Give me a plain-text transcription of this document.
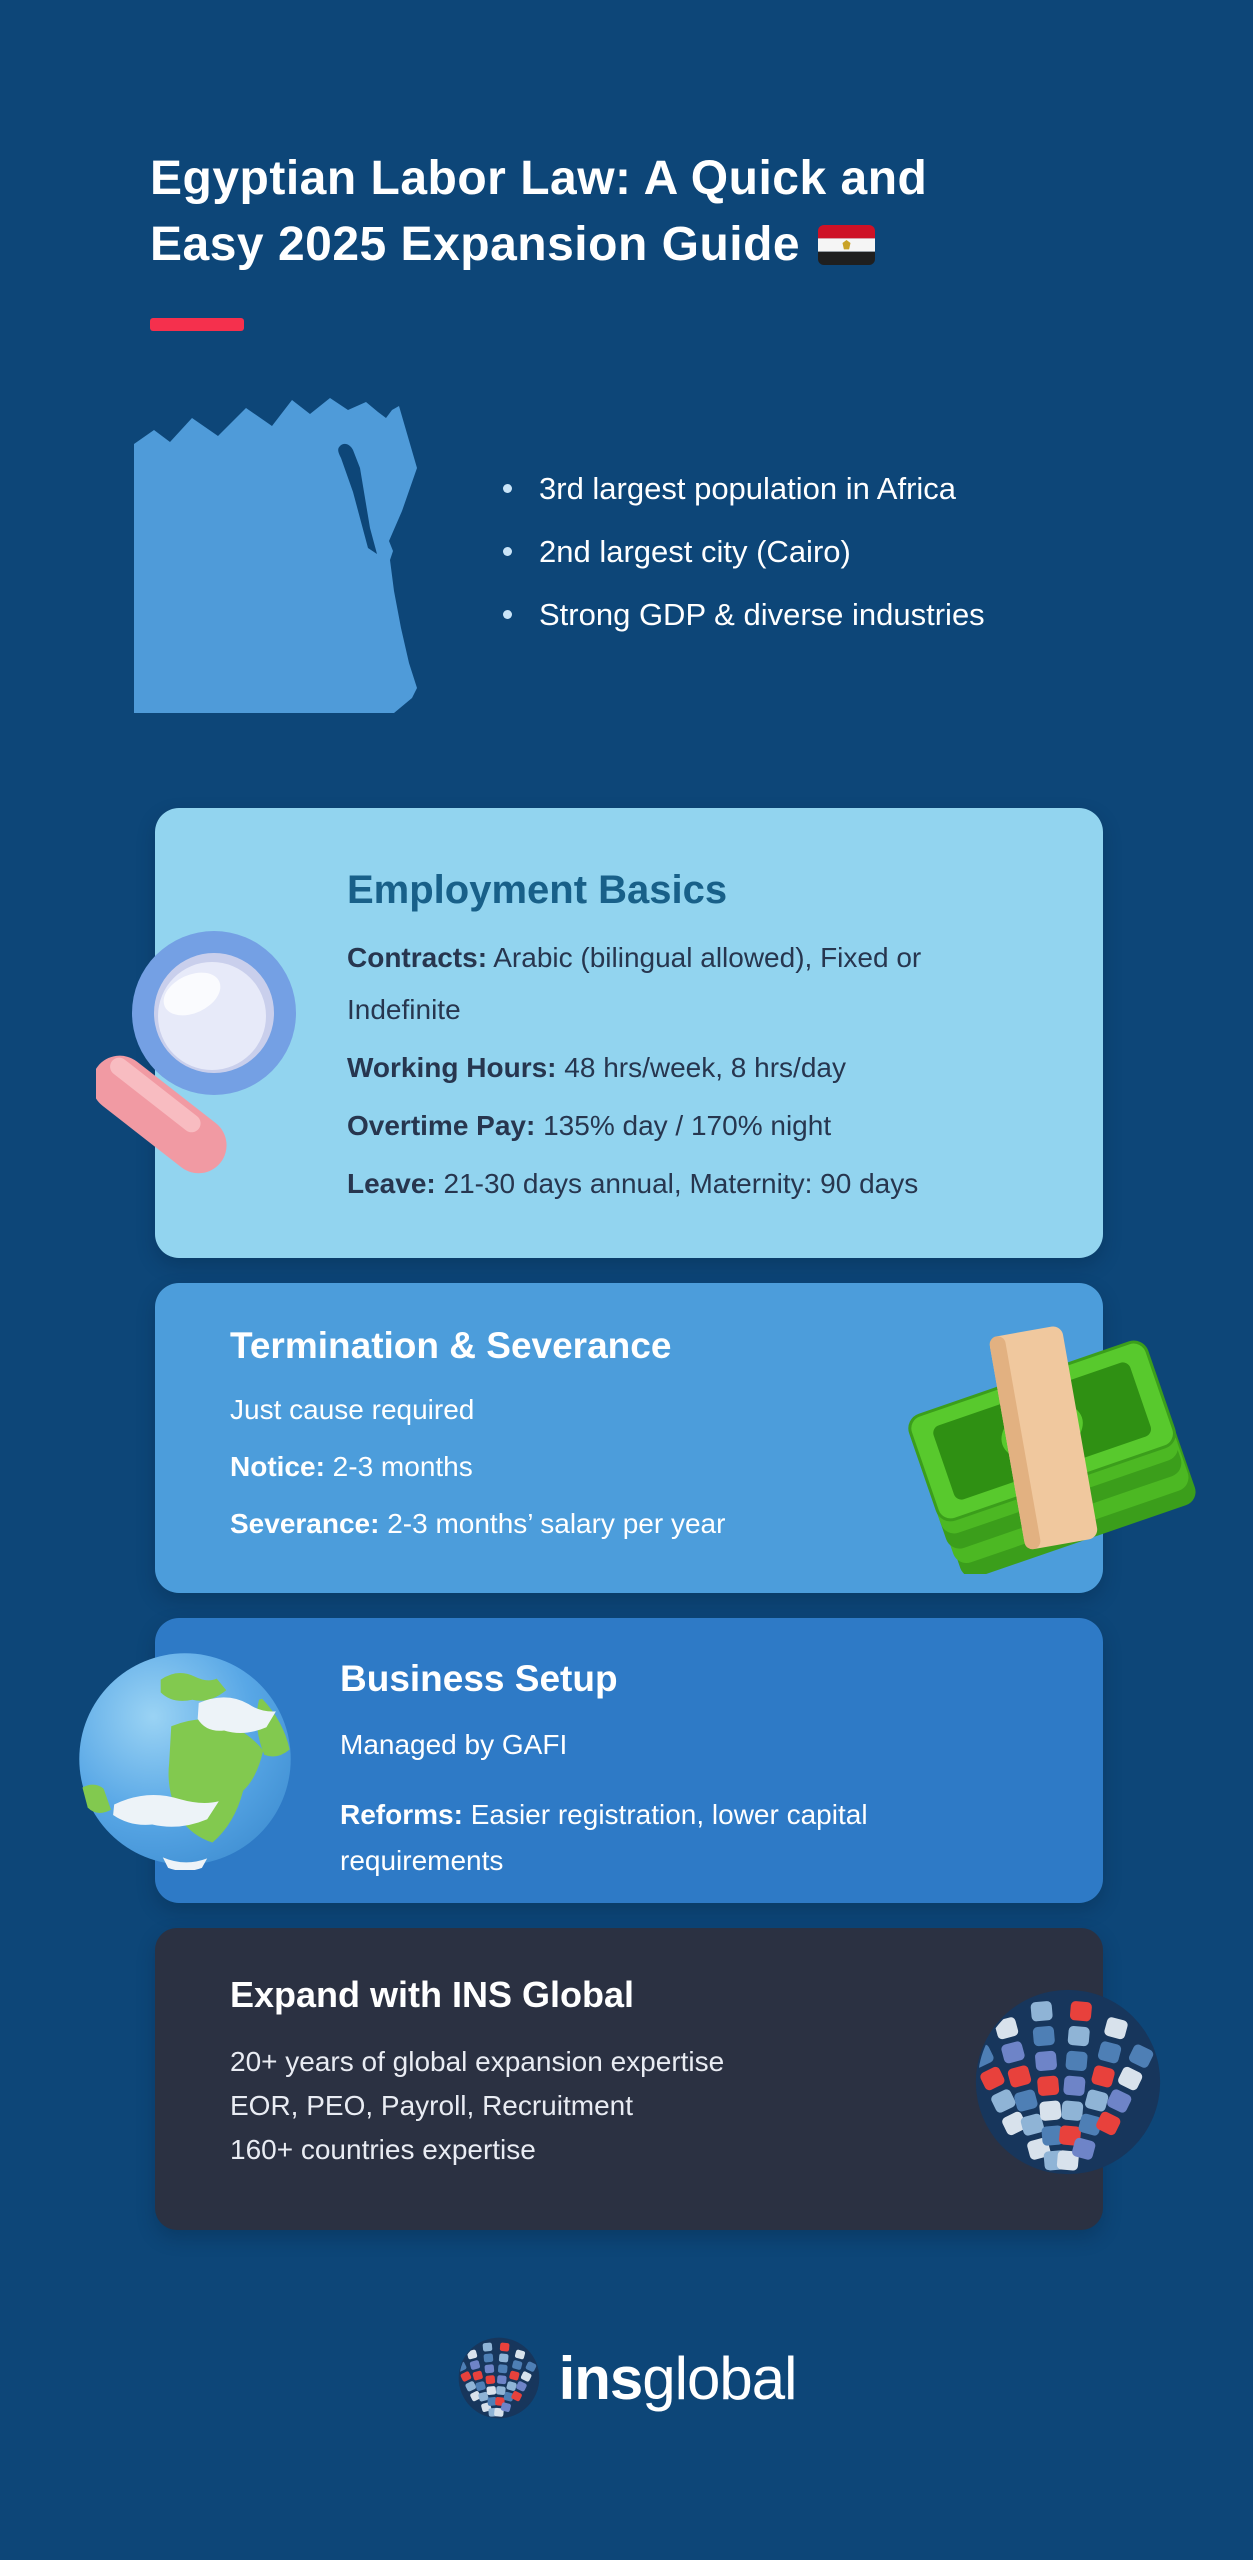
Egyptian Labor Law: A Quick and
Easy 2025 Expansion Guide
3rd largest population in Africa
2nd largest city (Cairo)
Strong GDP & diverse industries
Employment Basics
Contracts: Arabic (bilingual allowed), Fixed or Indefinite
Working Hours: 48 hrs/week, 8 hrs/day
Overtime Pay: 135% day / 170% night
Leave: 21-30 days annual, Maternity: 90 days
Termination & Severance
Just cause required
Notice: 2-3 months
Severance: 2-3 months’ salary per year
Business Setup
Managed by GAFI
Reforms: Easier registration, lower capital requirements
Expand with INS Global
20+ years of global expansion expertise
EOR, PEO, Payroll, Recruitment
160+ countries expertise
insglobal
